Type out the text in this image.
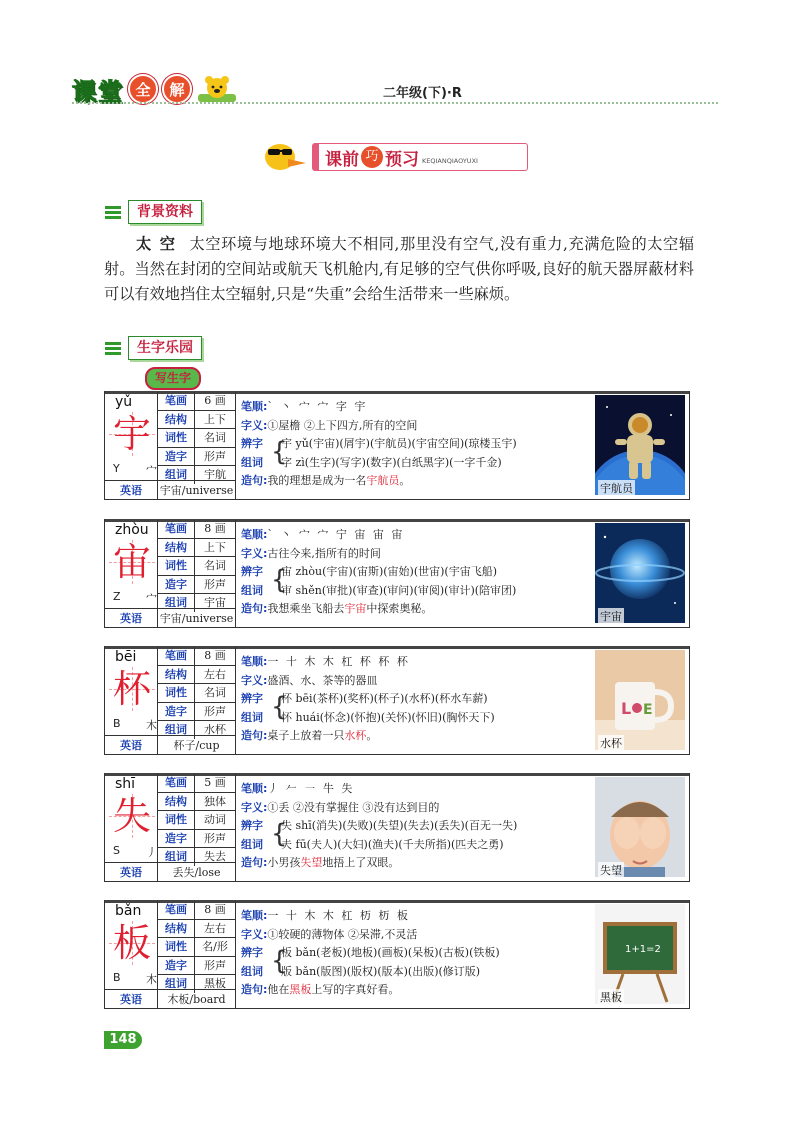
课堂 全	解	二年级(下)·R
课前 巧 预习 KEQIANQIAOYUXI
背景资料
太空 太空环境与地球环境大不相同,那里没有空气,没有重力,充满危险的太空辐射。当然在封闭的空间站或航天飞机舱内,有足够的空气供你呼吸,良好的航天器屏蔽材料可以有效地挡住太空辐射,只是“失重”会给生活带来一些麻烦。
生字乐园
写生字
yǔ
宇
Y 宀
笔画	6 画
结构	上下
词性	名词
造字	形声
组词	宇航
英语	宇宙/universe
笔顺:` 丶 宀 宀 字 宇
字义:①屋檐 ②上下四方,所有的空间
辨字
组词 {
宇 yǔ(宇宙)(屑宇)(宇航员)(宇宙空间)(琼楼玉宇)
字 zì(生字)(写字)(数字)(白纸黑字)(一字千金)
造句:我的理想是成为一名宇航员。
宇航员
zhòu
宙
Z 宀
笔画	8 画
结构	上下
词性	名词
造字	形声
组词	宇宙
英语	宇宙/universe
笔顺:` 丶 宀 宀 宁 宙 宙 宙
字义:古往今来,指所有的时间
辨字
组词 {
宙 zhòu(宇宙)(宙斯)(宙始)(世宙)(宇宙飞船)
审 shěn(审批)(审查)(审问)(审阅)(审计)(陪审团)
造句:我想乘坐飞船去宇宙中探索奥秘。
宇宙
bēi
杯
B 木
笔画	8 画
结构	左右
词性	名词
造字	形声
组词	水杯
英语	杯子/cup
笔顺:一 十 木 木 杠 杯 杯 杯
字义:盛酒、水、茶等的器皿
辨字
组词 {
杯 bēi(茶杯)(奖杯)(杯子)(水杯)(杯水车薪)
怀 huái(怀念)(怀抱)(关怀)(怀旧)(胸怀天下)
造句:桌子上放着一只水杯。
L E
水杯
shī
失
S 丿
笔画	5 画
结构	独体
词性	动词
造字	形声
组词	失去
英语	丢失/lose
笔顺:丿 𠂉 ㇐ 牛 失
字义:①丢 ②没有掌握住 ③没有达到目的
辨字
组词 {
失 shī(消失)(失败)(失望)(失去)(丢失)(百无一失)
夫 fū(夫人)(大妇)(渔夫)(千夫所指)(匹夫之勇)
造句:小男孩失望地捂上了双眼。
失望
bǎn
板
B 木
笔画	8 画
结构	左右
词性	名/形
造字	形声
组词	黑板
英语	木板/board
笔顺:一 十 木 木 杠 杤 杤 板
字义:①较硬的薄物体 ②呆滞,不灵活
辨字
组词 {
板 bǎn(老板)(地板)(画板)(呆板)(古板)(铁板)
版 bǎn(版图)(版权)(版本)(出版)(修订版)
造句:他在黑板上写的字真好看。
1+1=2
黑板
148
